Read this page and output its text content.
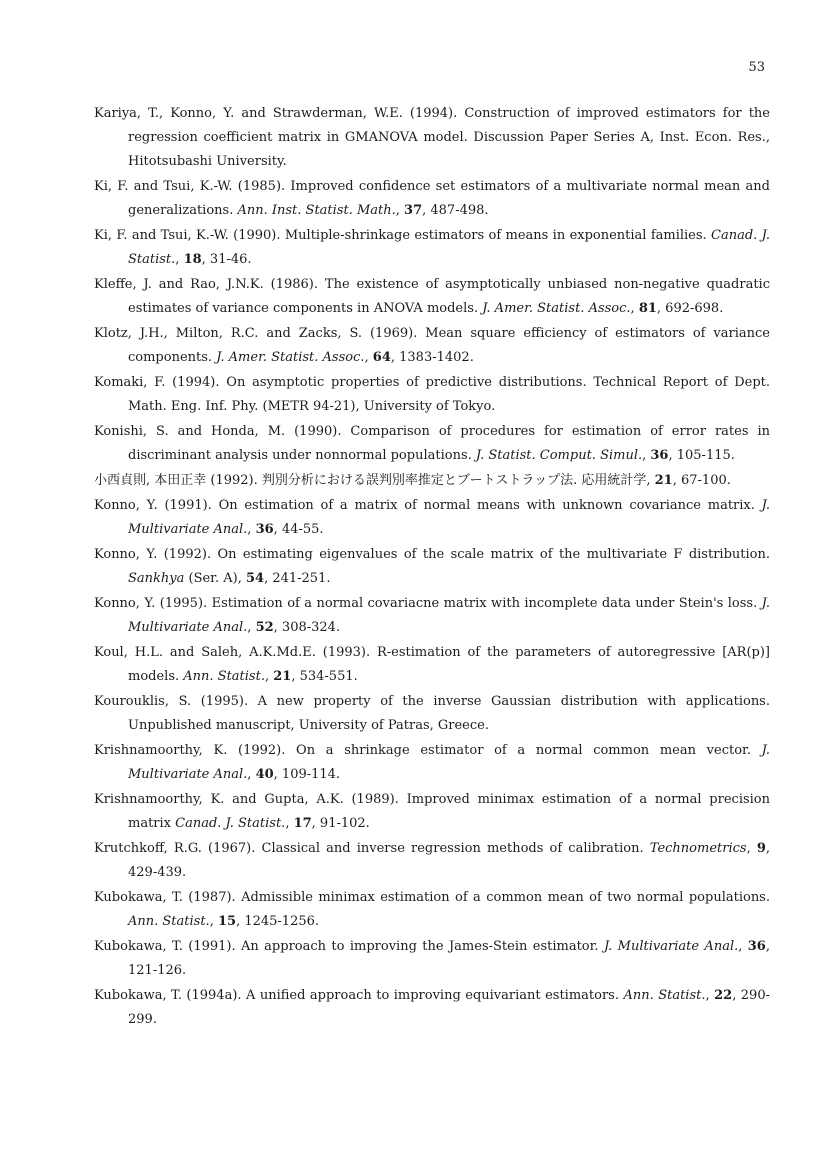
53
Kariya, T., Konno, Y. and Strawderman, W.E. (1994). Construction of improved estimators for the regression coefficient matrix in GMANOVA model. Discussion Paper Series A, Inst. Econ. Res., Hitotsubashi University.
Ki, F. and Tsui, K.-W. (1985). Improved confidence set estimators of a multivariate normal mean and generalizations. Ann. Inst. Statist. Math., 37, 487-498.
Ki, F. and Tsui, K.-W. (1990). Multiple-shrinkage estimators of means in exponential families. Canad. J. Statist., 18, 31-46.
Kleffe, J. and Rao, J.N.K. (1986). The existence of asymptotically unbiased non-negative quadratic estimates of variance components in ANOVA models. J. Amer. Statist. Assoc., 81, 692-698.
Klotz, J.H., Milton, R.C. and Zacks, S. (1969). Mean square efficiency of estimators of variance components. J. Amer. Statist. Assoc., 64, 1383-1402.
Komaki, F. (1994). On asymptotic properties of predictive distributions. Technical Report of Dept. Math. Eng. Inf. Phy. (METR 94-21), University of Tokyo.
Konishi, S. and Honda, M. (1990). Comparison of procedures for estimation of error rates in discriminant analysis under nonnormal populations. J. Statist. Comput. Simul., 36, 105-115.
小西貞則, 本田正幸 (1992). 判別分析における誤判別率推定とブートストラップ法. 応用統計学, 21, 67-100.
Konno, Y. (1991). On estimation of a matrix of normal means with unknown covariance matrix. J. Multivariate Anal., 36, 44-55.
Konno, Y. (1992). On estimating eigenvalues of the scale matrix of the multivariate F distribution. Sankhya (Ser. A), 54, 241-251.
Konno, Y. (1995). Estimation of a normal covariacne matrix with incomplete data under Stein's loss. J. Multivariate Anal., 52, 308-324.
Koul, H.L. and Saleh, A.K.Md.E. (1993). R-estimation of the parameters of autoregressive [AR(p)] models. Ann. Statist., 21, 534-551.
Kourouklis, S. (1995). A new property of the inverse Gaussian distribution with applications. Unpublished manuscript, University of Patras, Greece.
Krishnamoorthy, K. (1992). On a shrinkage estimator of a normal common mean vector. J. Multivariate Anal., 40, 109-114.
Krishnamoorthy, K. and Gupta, A.K. (1989). Improved minimax estimation of a normal precision matrix Canad. J. Statist., 17, 91-102.
Krutchkoff, R.G. (1967). Classical and inverse regression methods of calibration. Technometrics, 9, 429-439.
Kubokawa, T. (1987). Admissible minimax estimation of a common mean of two normal populations. Ann. Statist., 15, 1245-1256.
Kubokawa, T. (1991). An approach to improving the James-Stein estimator. J. Multivariate Anal., 36, 121-126.
Kubokawa, T. (1994a). A unified approach to improving equivariant estimators. Ann. Statist., 22, 290-299.
